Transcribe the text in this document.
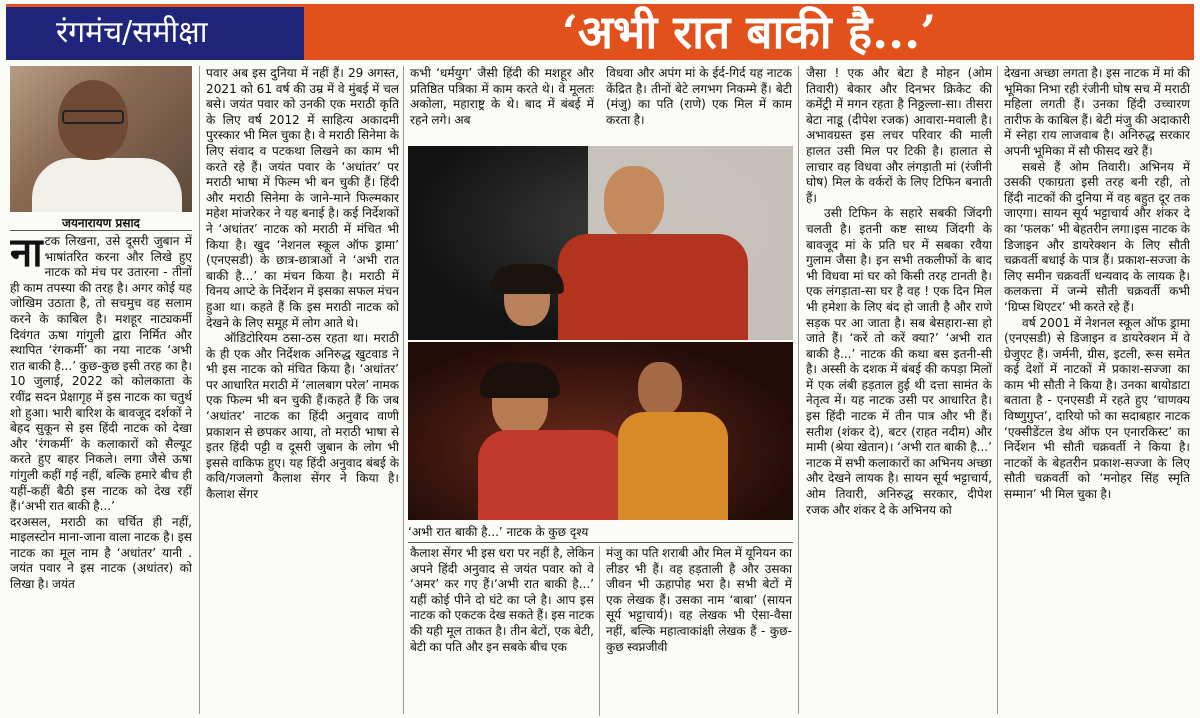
रंगमंच/समीक्षा	‘अभी रात बाकी है...’
जयनारायण प्रसाद

नाटक लिखना, उसे दूसरी जुबान में भाषांतरित करना और लिखे हुए नाटक को मंच पर उतारना - तीनों ही काम तपस्या की तरह है। अगर कोई यह जोखिम उठाता है, तो सचमुच वह सलाम करने के काबिल है। मशहूर नाट्यकर्मी दिवंगत ऊषा गांगुली द्वारा निर्मित और स्थापित ‘रंगकर्मी’ का नया नाटक ‘अभी रात बाकी है...’ कुछ-कुछ इसी तरह का है। 10 जुलाई, 2022 को कोलकाता के रवींद्र सदन प्रेक्षागृह में इस नाटक का चतुर्थ शो हुआ। भारी बारिश के बावजूद दर्शकों ने बेहद सुकून से इस हिंदी नाटक को देखा और ‘रंगकर्मी’ के कलाकारों को सैल्यूट करते हुए बाहर निकले। लगा जैसे ऊषा गांगुली कहीं गई नहीं, बल्कि हमारे बीच ही यहीं-कहीं बैठी इस नाटक को देख रहीं हैं।‘अभी रात बाकी है...’

दरअसल, मराठी का चर्चित ही नहीं, माइलस्टोन माना-जाना वाला नाटक है। इस नाटक का मूल नाम है ‘अधांतर’ यानी . जयंत पवार ने इस नाटक (अधांतर) को लिखा है। जयंत

पवार अब इस दुनिया में नहीं हैं। 29 अगस्त, 2021 को 61 वर्ष की उम्र में वे मुंबई में चल बसे। जयंत पवार को उनकी एक मराठी कृति के लिए वर्ष 2012 में साहित्य अकादमी पुरस्कार भी मिल चुका है। वे मराठी सिनेमा के लिए संवाद व पटकथा लिखने का काम भी करते रहे हैं। जयंत पवार के ‘अधांतर’ पर मराठी भाषा में फिल्म भी बन चुकी हैं। हिंदी और मराठी सिनेमा के जाने-माने फिल्मकार महेश मांजरेकर ने यह बनाई है। कई निर्देशकों ने ‘अधांतर’ नाटक को मराठी में मंचित भी किया है। खुद ‘नेशनल स्कूल ऑफ ड्रामा’ (एनएसडी) के छात्र-छात्राओं ने ‘अभी रात बाकी है...’ का मंचन किया है। मराठी में विनय आप्टे के निर्देशन में इसका सफल मंचन हुआ था। कहते हैं कि इस मराठी नाटक को देखने के लिए समूह में लोग आते थे।

ऑडिटोरियम ठसा-ठस रहता था। मराठी के ही एक और निर्देशक अनिरुद्ध खुटवाड ने भी इस नाटक को मंचित किया है। ‘अधांतर’ पर आधारित मराठी में ‘लालबाग परेल’ नामक एक फिल्म भी बन चुकी हैं।कहते हैं कि जब ‘अधांतर’ नाटक का हिंदी अनुवाद वाणी प्रकाशन से छपकर आया, तो मराठी भाषा से इतर हिंदी पट्टी व दूसरी जुबान के लोग भी इससे वाकिफ हुए। यह हिंदी अनुवाद बंबई के कवि/गजलगो कैलाश सेंगर ने किया है। कैलाश सेंगर

कभी ‘धर्मयुग’ जैसी हिंदी की मशहूर और प्रतिष्ठित पत्रिका में काम करते थे। वे मूलतः अकोला, महाराष्ट्र के थे। बाद में बंबई में रहने लगे। अब

विधवा और अपंग मां के ईर्द-गिर्द यह नाटक केंद्रित है। तीनों बेटे लगभग निकम्मे हैं। बेटी (मंजु) का पति (राणे) एक मिल में काम करता है।

‘अभी रात बाकी है...’ नाटक के कुछ दृश्य

कैलाश सेंगर भी इस धरा पर नहीं है, लेकिन अपने हिंदी अनुवाद से जयंत पवार को वे ‘अमर’ कर गए हैं।‘अभी रात बाकी है...’ यहीं कोई पीने दो घंटे का प्ले है। आप इस नाटक को एकटक देख सकते हैं। इस नाटक की यही मूल ताकत है। तीन बेटों, एक बेटी, बेटी का पति और इन सबके बीच एक

मंजु का पति शराबी और मिल में यूनियन का लीडर भी हैं। वह हड़ताली है और उसका जीवन भी ऊहापोह भरा है। सभी बेटों में एक लेखक हैं। उसका नाम ‘बाबा’ (सायन सूर्य भट्टाचार्य)। वह लेखक भी ऐसा-वैसा नहीं, बल्कि महात्वाकांक्षी लेखक हैं - कुछ-कुछ स्वप्नजीवी

जैसा ! एक और बेटा है मोहन (ओम तिवारी) बेकार और दिनभर क्रिकेट की कमेंट्री में मगन रहता है निठ्ठल्ला-सा। तीसरा बेटा नाडू (दीपेश रजक) आवारा-मवाली है।अभावग्रस्त इस लचर परिवार की माली हालत उसी मिल पर टिकी है। हालात से लाचार वह विधवा और लंगड़ाती मां (रंजीनी घोष) मिल के वर्करों के लिए टिफिन बनाती हैं।

उसी टिफिन के सहारे सबकी जिंदगी चलती है। इतनी कष्ट साध्य जिंदगी के बावजूद मां के प्रति घर में सबका रवैया गुलाम जैसा है। इन सभी तकलीफों के बाद भी विधवा मां घर को किसी तरह टानती है। एक लंगड़ाता-सा घर है वह ! एक दिन मिल भी हमेशा के लिए बंद हो जाती है और राणे सड़क पर आ जाता है। सब बेसहारा-सा हो जाते हैं। ‘करें तो करें क्या?’ ‘अभी रात बाकी है...’ नाटक की कथा बस इतनी-सी है। अस्सी के दशक में बंबई की कपड़ा मिलों में एक लंबी हड़ताल हुई थी दत्ता सामंत के नेतृत्व में। यह नाटक उसी पर आधारित है।इस हिंदी नाटक में तीन पात्र और भी हैं। सतीश (शंकर दे), बटर (राहत नदीम) और मामी (श्रेया खेतान)। ‘अभी रात बाकी है...’ नाटक में सभी कलाकारों का अभिनय अच्छा और देखने लायक है। सायन सूर्य भट्टाचार्य, ओम तिवारी, अनिरुद्ध सरकार, दीपेश रजक और शंकर दे के अभिनय को

देखना अच्छा लगता है। इस नाटक में मां की भूमिका निभा रही रंजीनी घोष सच में मराठी महिला लगती हैं। उनका हिंदी उच्चारण तारीफ के काबिल हैं। बेटी मंजु की अदाकारी में स्नेहा राय लाजवाब है। अनिरुद्ध सरकार अपनी भूमिका में सौ फीसद खरे हैं।

सबसे हैं ओम तिवारी। अभिनय में उसकी एकाग्रता इसी तरह बनी रही, तो हिंदी नाटकों की दुनिया में वह बहुत दूर तक जाएगा। सायन सूर्य भट्टाचार्य और शंकर दे का ‘फलक’ भी बेहतरीन लगा।इस नाटक के डिजाइन और डायरेक्शन के लिए सौती चक्रवर्ती बधाई के पात्र हैं। प्रकाश-सज्जा के लिए समीन चक्रवर्ती धन्यवाद के लायक है।कलकत्ता में जन्मे सौती चक्रवर्ती कभी ‘ग्रिप्स थिएटर’ भी करते रहे हैं।

वर्ष 2001 में नेशनल स्कूल ऑफ ड्रामा (एनएसडी) से डिजाइन व डायरेक्शन में वे ग्रेजुएट हैं। जर्मनी, ग्रीस, इटली, रूस समेत कई देशों में नाटकों में प्रकाश-सज्जा का काम भी सौती ने किया है। उनका बायोडाटा बताता है - एनएसडी में रहते हुए ‘चाणक्य विष्णुगुप्त’, दारियो फो का सदाबहार नाटक ‘एक्सीडेंटल डेथ ऑफ एन एनारकिस्ट’ का निर्देशन भी सौती चक्रवर्ती ने किया है। नाटकों के बेहतरीन प्रकाश-सज्जा के लिए सौती चक्रवर्ती को ‘मनोहर सिंह स्मृति सम्मान’ भी मिल चुका है।
